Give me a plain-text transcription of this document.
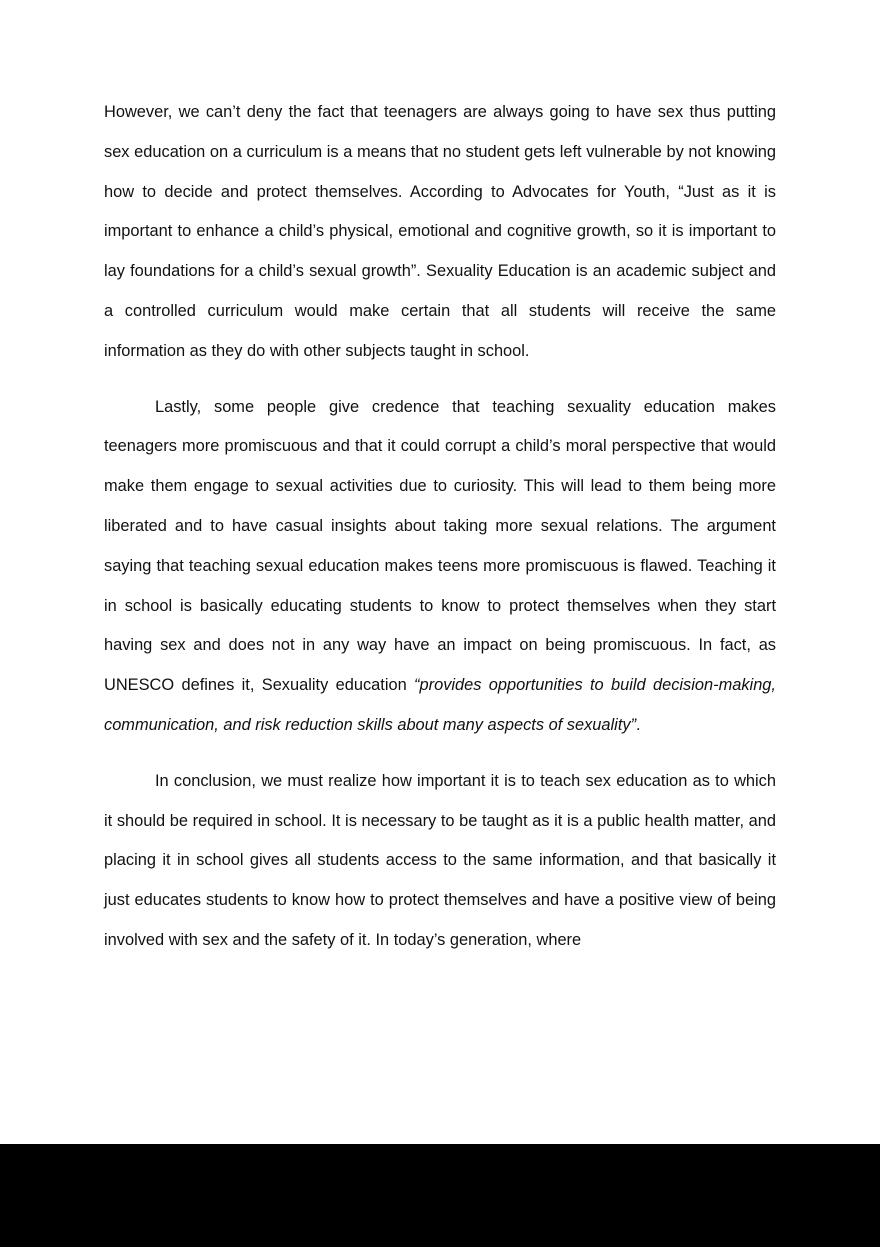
However, we can’t deny the fact that teenagers are always going to have sex thus putting sex education on a curriculum is a means that no student gets left vulnerable by not knowing how to decide and protect themselves. According to Advocates for Youth, “Just as it is important to enhance a child’s physical, emotional and cognitive growth, so it is important to lay foundations for a child’s sexual growth”. Sexuality Education is an academic subject and a controlled curriculum would make certain that all students will receive the same information as they do with other subjects taught in school.

Lastly, some people give credence that teaching sexuality education makes teenagers more promiscuous and that it could corrupt a child’s moral perspective that would make them engage to sexual activities due to curiosity. This will lead to them being more liberated and to have casual insights about taking more sexual relations. The argument saying that teaching sexual education makes teens more promiscuous is flawed. Teaching it in school is basically educating students to know to protect themselves when they start having sex and does not in any way have an impact on being promiscuous. In fact, as UNESCO defines it, Sexuality education “provides opportunities to build decision-making, communication, and risk reduction skills about many aspects of sexuality”.

In conclusion, we must realize how important it is to teach sex education as to which it should be required in school. It is necessary to be taught as it is a public health matter, and placing it in school gives all students access to the same information, and that basically it just educates students to know how to protect themselves and have a positive view of being involved with sex and the safety of it. In today’s generation, where
